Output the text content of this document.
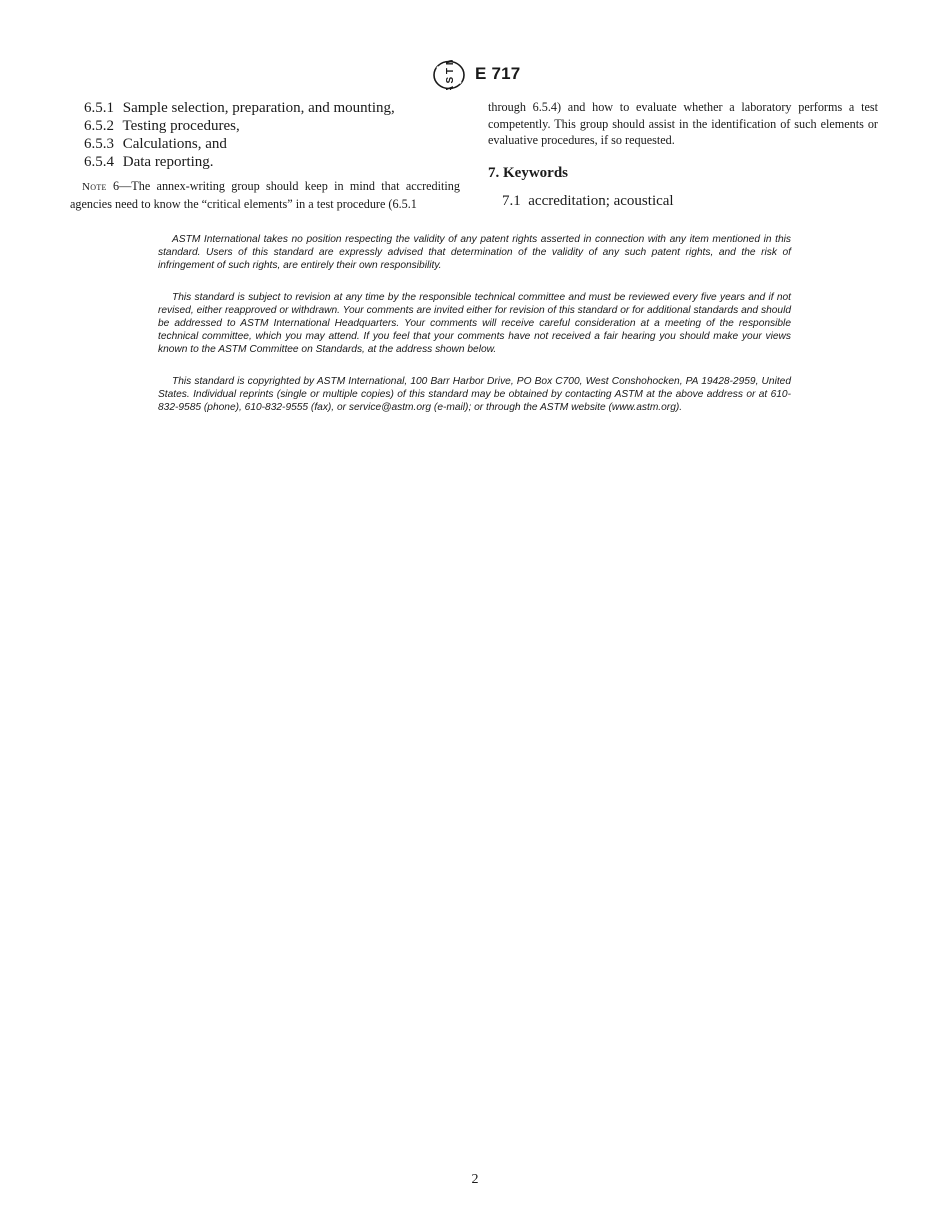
A S T M E 717

6.5.1 Sample selection, preparation, and mounting,

6.5.2 Testing procedures,

6.5.3 Calculations, and

6.5.4 Data reporting.

Note 6—The annex-writing group should keep in mind that accrediting agencies need to know the “critical elements” in a test procedure (6.5.1

through 6.5.4) and how to evaluate whether a laboratory performs a test competently. This group should assist in the identification of such elements or evaluative procedures, if so requested.

7. Keywords

7.1 accreditation; acoustical

ASTM International takes no position respecting the validity of any patent rights asserted in connection with any item mentioned in this standard. Users of this standard are expressly advised that determination of the validity of any such patent rights, and the risk of infringement of such rights, are entirely their own responsibility.

This standard is subject to revision at any time by the responsible technical committee and must be reviewed every five years and if not revised, either reapproved or withdrawn. Your comments are invited either for revision of this standard or for additional standards and should be addressed to ASTM International Headquarters. Your comments will receive careful consideration at a meeting of the responsible technical committee, which you may attend. If you feel that your comments have not received a fair hearing you should make your views known to the ASTM Committee on Standards, at the address shown below.

This standard is copyrighted by ASTM International, 100 Barr Harbor Drive, PO Box C700, West Conshohocken, PA 19428-2959, United States. Individual reprints (single or multiple copies) of this standard may be obtained by contacting ASTM at the above address or at 610-832-9585 (phone), 610-832-9555 (fax), or service@astm.org (e-mail); or through the ASTM website (www.astm.org).

2
